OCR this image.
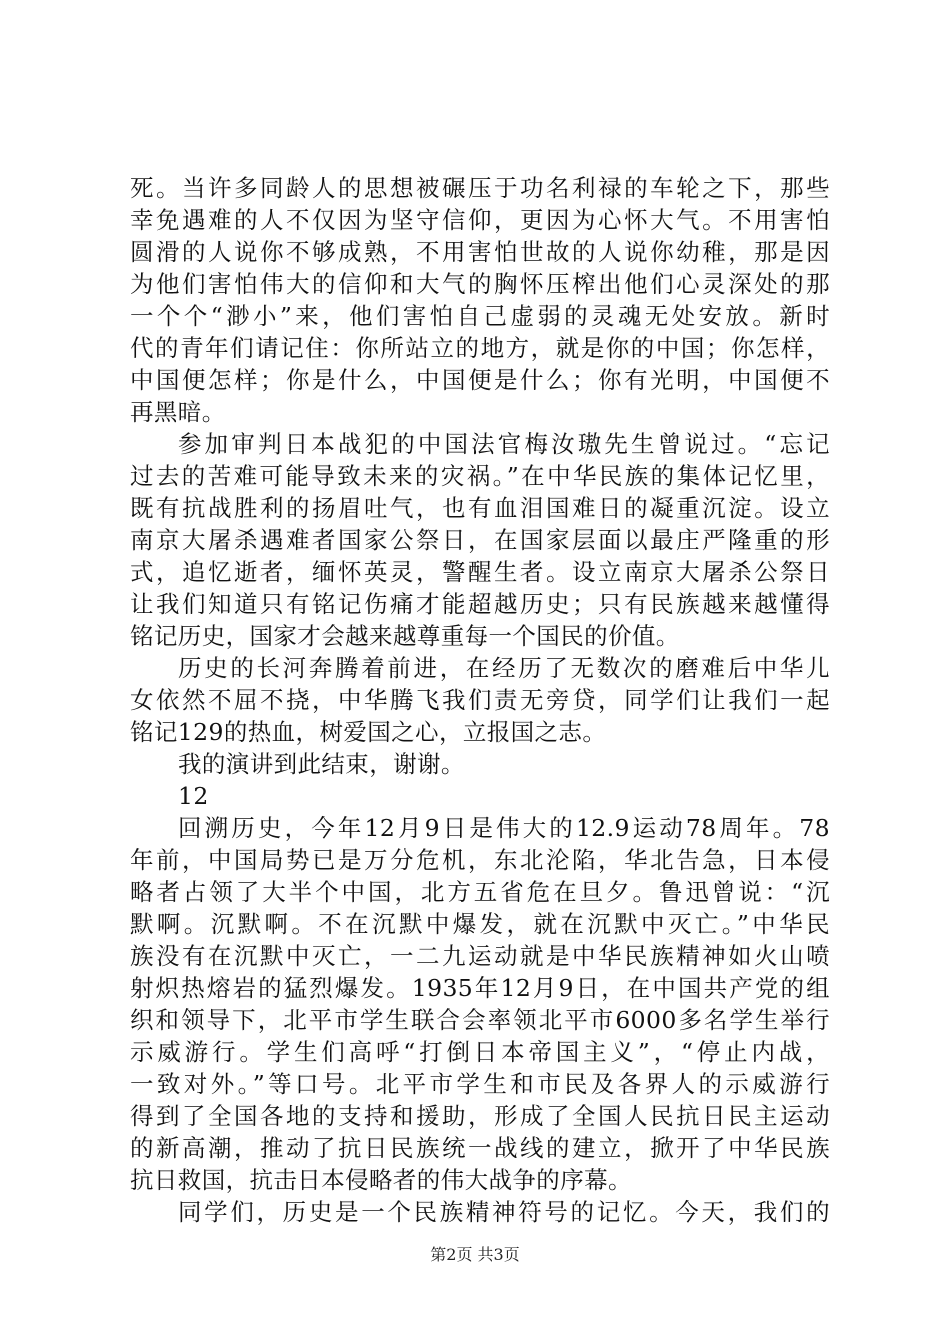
死。当许多同龄人的思想被碾压于功名利禄的车轮之下，那些
幸免遇难的人不仅因为坚守信仰，更因为心怀大气。不用害怕
圆滑的人说你不够成熟，不用害怕世故的人说你幼稚，那是因
为他们害怕伟大的信仰和大气的胸怀压榨出他们心灵深处的那
一个个“渺小”来，他们害怕自己虚弱的灵魂无处安放。新时
代的青年们请记住：你所站立的地方，就是你的中国；你怎样，
中国便怎样；你是什么，中国便是什么；你有光明，中国便不
再黑暗。
参加审判日本战犯的中国法官梅汝璈先生曾说过。“忘记
过去的苦难可能导致未来的灾祸。”在中华民族的集体记忆里，
既有抗战胜利的扬眉吐气，也有血泪国难日的凝重沉淀。设立
南京大屠杀遇难者国家公祭日，在国家层面以最庄严隆重的形
式，追忆逝者，缅怀英灵，警醒生者。设立南京大屠杀公祭日
让我们知道只有铭记伤痛才能超越历史；只有民族越来越懂得
铭记历史，国家才会越来越尊重每一个国民的价值。
历史的长河奔腾着前进，在经历了无数次的磨难后中华儿
女依然不屈不挠，中华腾飞我们责无旁贷，同学们让我们一起
铭记129的热血，树爱国之心，立报国之志。
我的演讲到此结束，谢谢。
12
回溯历史，今年12月9日是伟大的12.9运动78周年。78
年前，中国局势已是万分危机，东北沦陷，华北告急，日本侵
略者占领了大半个中国，北方五省危在旦夕。鲁迅曾说：“沉
默啊。沉默啊。不在沉默中爆发，就在沉默中灭亡。”中华民
族没有在沉默中灭亡，一二九运动就是中华民族精神如火山喷
射炽热熔岩的猛烈爆发。1935年12月9日，在中国共产党的组
织和领导下，北平市学生联合会率领北平市6000多名学生举行
示威游行。学生们高呼“打倒日本帝国主义”，“停止内战，
一致对外。”等口号。北平市学生和市民及各界人的示威游行
得到了全国各地的支持和援助，形成了全国人民抗日民主运动
的新高潮，推动了抗日民族统一战线的建立，掀开了中华民族
抗日救国，抗击日本侵略者的伟大战争的序幕。
同学们，历史是一个民族精神符号的记忆。今天，我们的
第2页 共3页
